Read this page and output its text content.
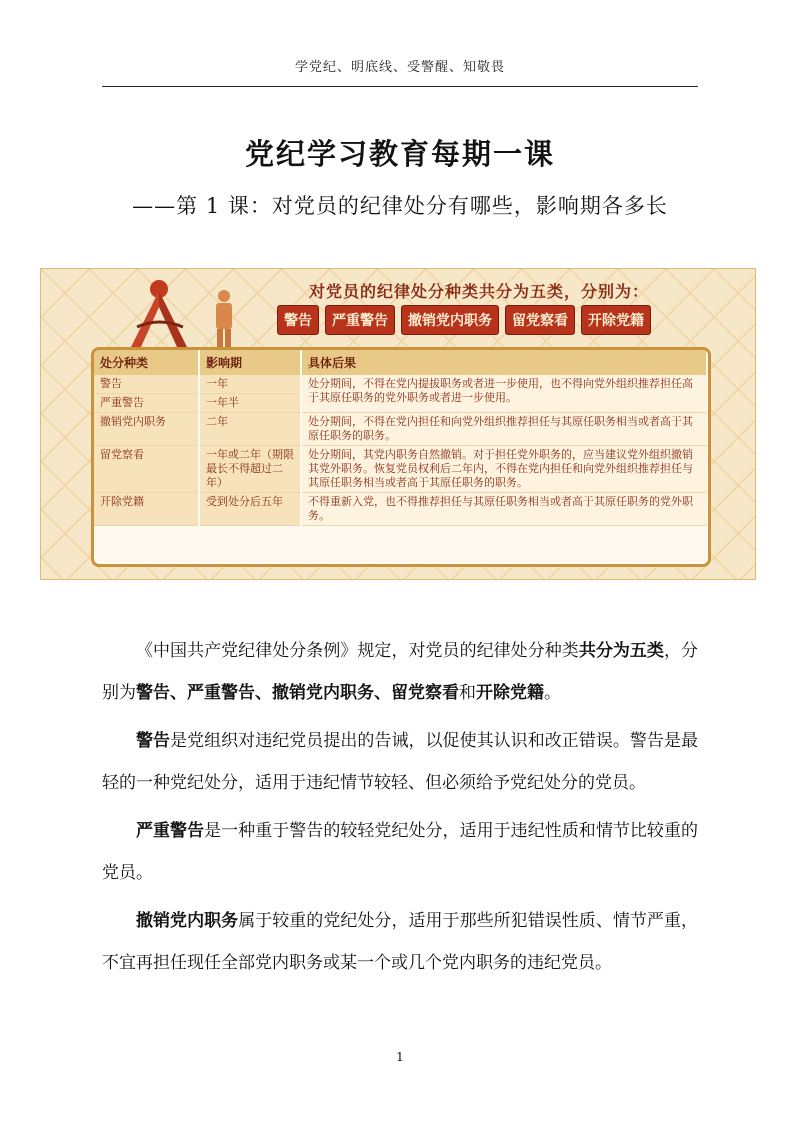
学党纪、明底线、受警醒、知敬畏
党纪学习教育每期一课
——第 1 课：对党员的纪律处分有哪些，影响期各多长
对党员的纪律处分种类共分为五类，分别为：
警告	严重警告	撤销党内职务	留党察看	开除党籍
处分种类	影响期	具体后果
警告	一年	处分期间，不得在党内提拔职务或者进一步使用，也不得向党外组织推荐担任高于其原任职务的党外职务或者进一步使用。
严重警告	一年半	
撤销党内职务	二年	处分期间，不得在党内担任和向党外组织推荐担任与其原任职务相当或者高于其原任职务的职务。
留党察看	一年或二年（期限最长不得超过二年）	处分期间，其党内职务自然撤销。对于担任党外职务的，应当建议党外组织撤销其党外职务。恢复党员权利后二年内，不得在党内担任和向党外组织推荐担任与其原任职务相当或者高于其原任职务的职务。
开除党籍	受到处分后五年	不得重新入党，也不得推荐担任与其原任职务相当或者高于其原任职务的党外职务。

《中国共产党纪律处分条例》规定，对党员的纪律处分种类共分为五类，分别为警告、严重警告、撤销党内职务、留党察看和开除党籍。

警告是党组织对违纪党员提出的告诫，以促使其认识和改正错误。警告是最轻的一种党纪处分，适用于违纪情节较轻、但必须给予党纪处分的党员。

严重警告是一种重于警告的较轻党纪处分，适用于违纪性质和情节比较重的党员。

撤销党内职务属于较重的党纪处分，适用于那些所犯错误性质、情节严重，不宜再担任现任全部党内职务或某一个或几个党内职务的违纪党员。

1
